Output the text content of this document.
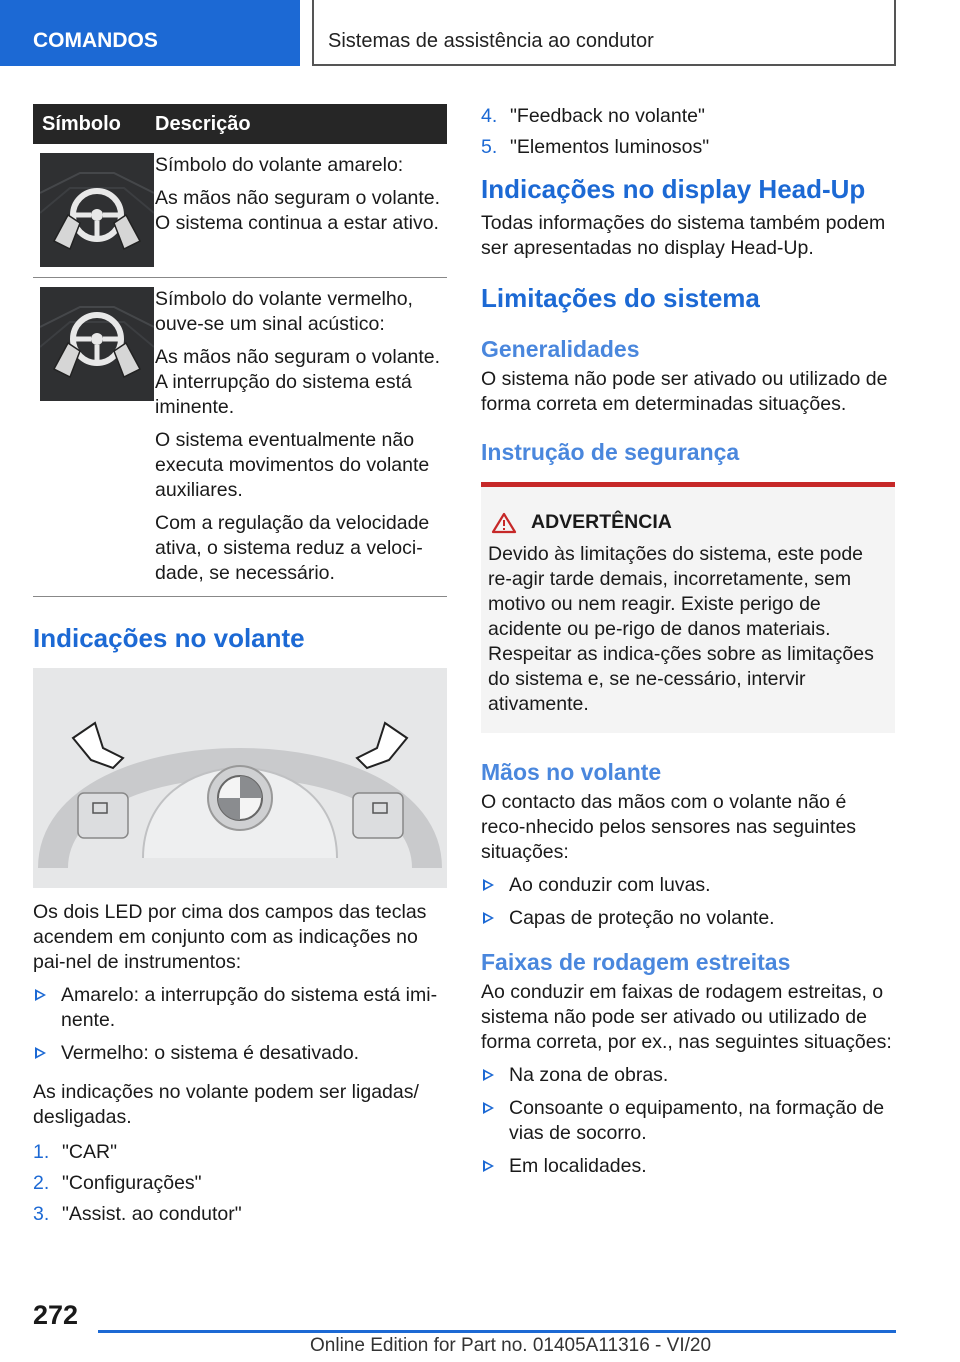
COMANDOS	Sistemas de assistência ao condutor
Símbolo	Descrição

Símbolo do volante amarelo:

As mãos não seguram o volante. O sistema continua a estar ativo.

Símbolo do volante vermelho, ouve-se um sinal acústico:

As mãos não seguram o volante. A interrupção do sistema está iminente.

O sistema eventualmente não executa movimentos do volante auxiliares.

Com a regulação da velocidade ativa, o sistema reduz a veloci-dade, se necessário.

Indicações no volante

Os dois LED por cima dos campos das teclas acendem em conjunto com as indicações no pai-nel de instrumentos:

Amarelo: a interrupção do sistema está imi-nente.
Vermelho: o sistema é desativado.

As indicações no volante podem ser ligadas/ desligadas.

1. "CAR"
2. "Configurações"
3. "Assist. ao condutor"
4. "Feedback no volante"
5. "Elementos luminosos"
Indicações no display Head-Up

Todas informações do sistema também podem ser apresentadas no display Head-Up.

Limitações do sistema
Generalidades

O sistema não pode ser ativado ou utilizado de forma correta em determinadas situações.

Instrução de segurança
ADVERTÊNCIA

Devido às limitações do sistema, este pode re-agir tarde demais, incorretamente, sem motivo ou nem reagir. Existe perigo de acidente ou pe-rigo de danos materiais. Respeitar as indica-ções sobre as limitações do sistema e, se ne-cessário, intervir ativamente.

Mãos no volante

O contacto das mãos com o volante não é reco-nhecido pelos sensores nas seguintes situações:

Ao conduzir com luvas.
Capas de proteção no volante.
Faixas de rodagem estreitas

Ao conduzir em faixas de rodagem estreitas, o sistema não pode ser ativado ou utilizado de forma correta, por ex., nas seguintes situações:

Na zona de obras.
Consoante o equipamento, na formação de vias de socorro.
Em localidades.
272
Online Edition for Part no. 01405A11316 - VI/20
